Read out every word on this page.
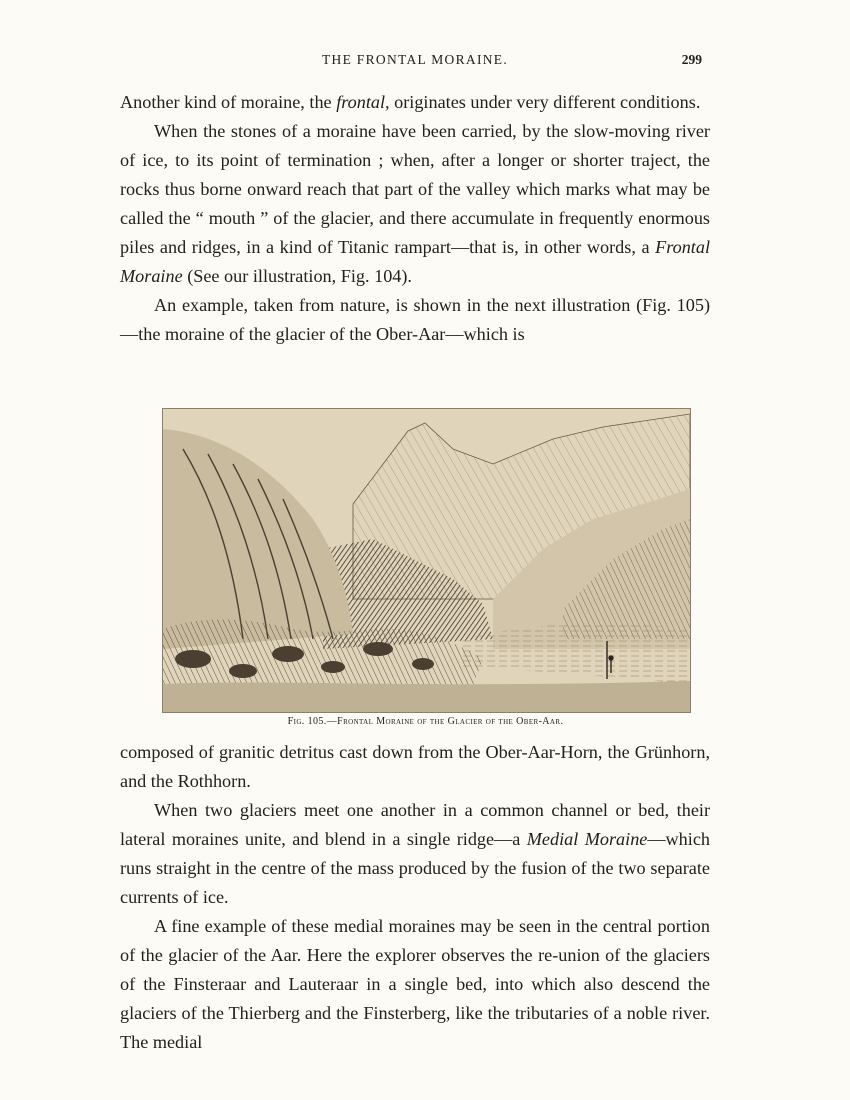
THE FRONTAL MORAINE.	299

Another kind of moraine, the frontal, originates under very different conditions.

When the stones of a moraine have been carried, by the slow-moving river of ice, to its point of termination ; when, after a longer or shorter traject, the rocks thus borne onward reach that part of the valley which marks what may be called the “ mouth ” of the glacier, and there accumulate in frequently enormous piles and ridges, in a kind of Titanic rampart—that is, in other words, a Frontal Moraine (See our illustration, Fig. 104).

An example, taken from nature, is shown in the next illustration (Fig. 105)—the moraine of the glacier of the Ober-Aar—which is

Fig. 105.—Frontal Moraine of the Glacier of the Ober-Aar.

composed of granitic detritus cast down from the Ober-Aar-Horn, the Grünhorn, and the Rothhorn.

When two glaciers meet one another in a common channel or bed, their lateral moraines unite, and blend in a single ridge—a Medial Moraine—which runs straight in the centre of the mass produced by the fusion of the two separate currents of ice.

A fine example of these medial moraines may be seen in the central portion of the glacier of the Aar. Here the explorer observes the re-union of the glaciers of the Finsteraar and Lauteraar in a single bed, into which also descend the glaciers of the Thierberg and the Finsterberg, like the tributaries of a noble river. The medial
